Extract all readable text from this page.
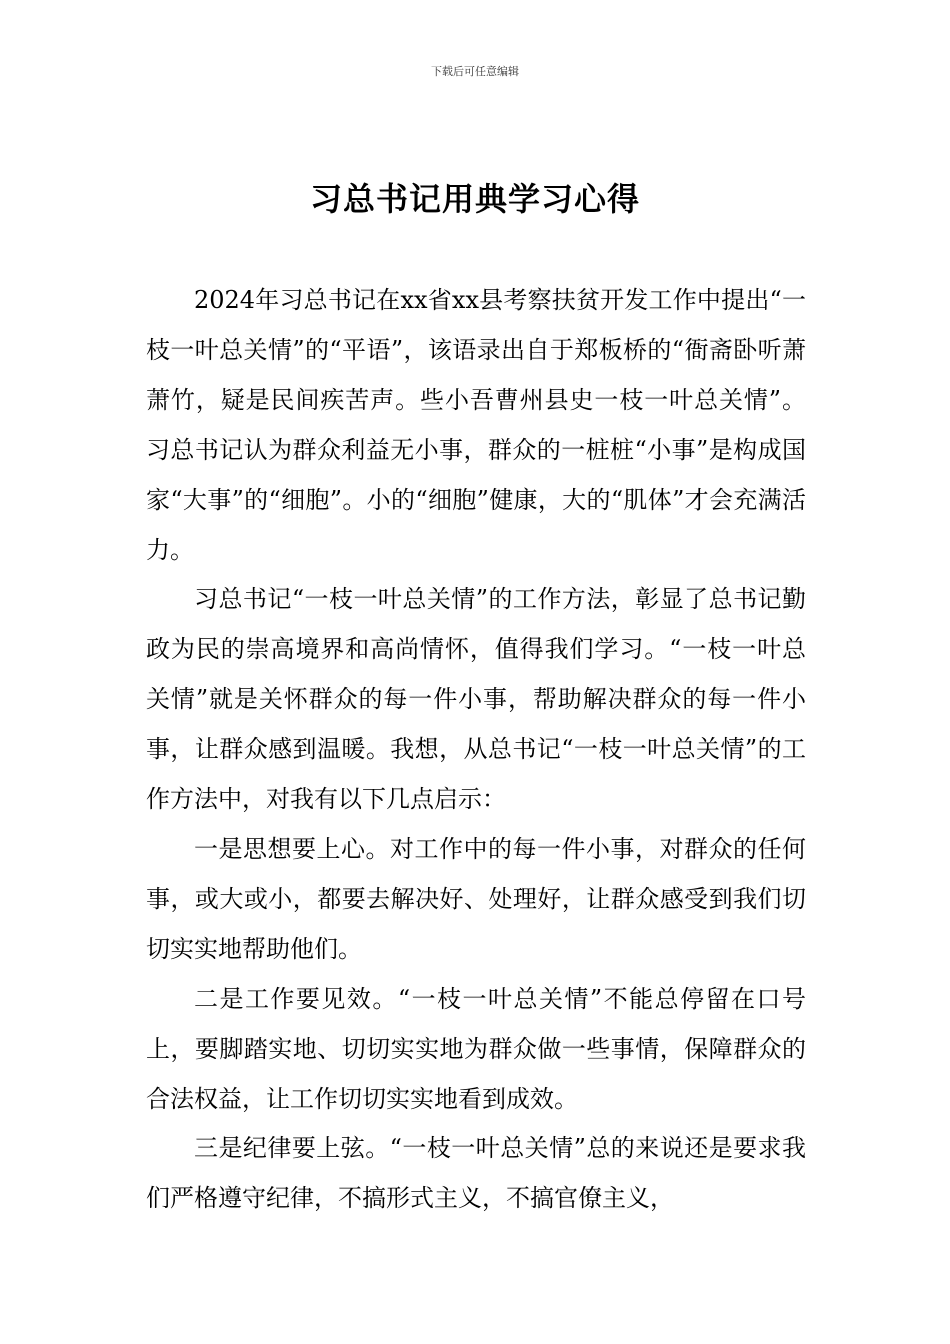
下载后可任意编辑
习总书记用典学习心得

2024年习总书记在xx省xx县考察扶贫开发工作中提出“一枝一叶总关情”的“平语”，该语录出自于郑板桥的“衙斋卧听萧萧竹，疑是民间疾苦声。些小吾曹州县史一枝一叶总关情”。习总书记认为群众利益无小事，群众的一桩桩“小事”是构成国家“大事”的“细胞”。小的“细胞”健康，大的“肌体”才会充满活力。

习总书记“一枝一叶总关情”的工作方法，彰显了总书记勤政为民的崇高境界和高尚情怀，值得我们学习。“一枝一叶总关情”就是关怀群众的每一件小事，帮助解决群众的每一件小事，让群众感到温暖。我想，从总书记“一枝一叶总关情”的工作方法中，对我有以下几点启示：

一是思想要上心。对工作中的每一件小事，对群众的任何事，或大或小，都要去解决好、处理好，让群众感受到我们切切实实地帮助他们。

二是工作要见效。“一枝一叶总关情”不能总停留在口号上，要脚踏实地、切切实实地为群众做一些事情，保障群众的合法权益，让工作切切实实地看到成效。

三是纪律要上弦。“一枝一叶总关情”总的来说还是要求我们严格遵守纪律，不搞形式主义，不搞官僚主义，
